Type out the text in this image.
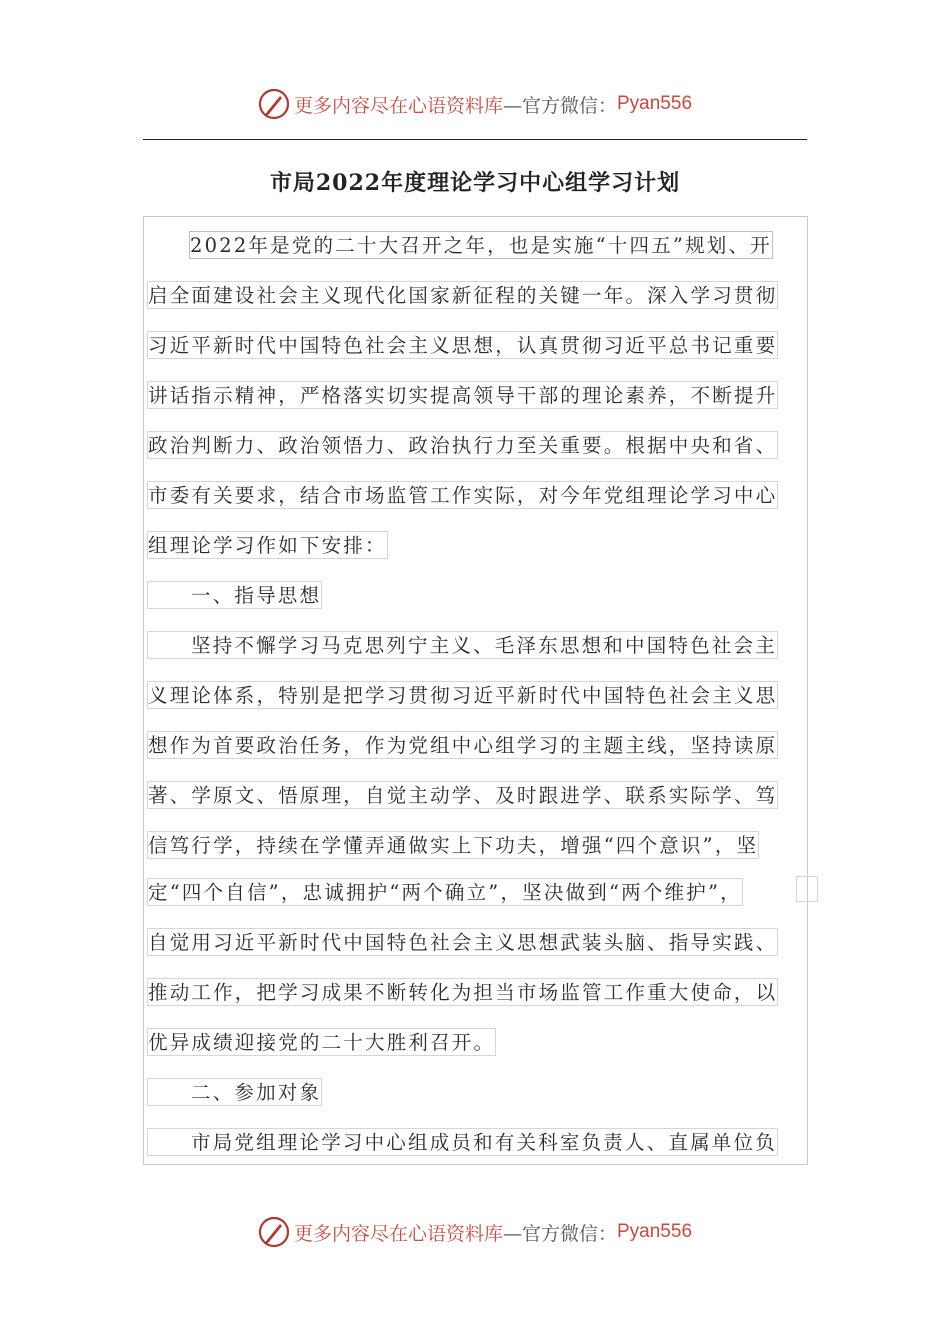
更多内容尽在心语资料库 —官方微信： Pyan556
市局2022年度理论学习中心组学习计划
2022年是党的二十大召开之年，也是实施“十四五”规划、开
启全面建设社会主义现代化国家新征程的关键一年。深入学习贯彻
习近平新时代中国特色社会主义思想，认真贯彻习近平总书记重要
讲话指示精神，严格落实切实提高领导干部的理论素养，不断提升
政治判断力、政治领悟力、政治执行力至关重要。根据中央和省、
市委有关要求，结合市场监管工作实际，对今年党组理论学习中心
组理论学习作如下安排：
一、指导思想
坚持不懈学习马克思列宁主义、毛泽东思想和中国特色社会主
义理论体系，特别是把学习贯彻习近平新时代中国特色社会主义思
想作为首要政治任务，作为党组中心组学习的主题主线，坚持读原
著、学原文、悟原理，自觉主动学、及时跟进学、联系实际学、笃
信笃行学，持续在学懂弄通做实上下功夫，增强“四个意识”，坚
定“四个自信”，忠诚拥护“两个确立”，坚决做到“两个维护”，
自觉用习近平新时代中国特色社会主义思想武装头脑、指导实践、
推动工作，把学习成果不断转化为担当市场监管工作重大使命，以
优异成绩迎接党的二十大胜利召开。
二、参加对象
市局党组理论学习中心组成员和有关科室负责人、直属单位负
更多内容尽在心语资料库 —官方微信： Pyan556
